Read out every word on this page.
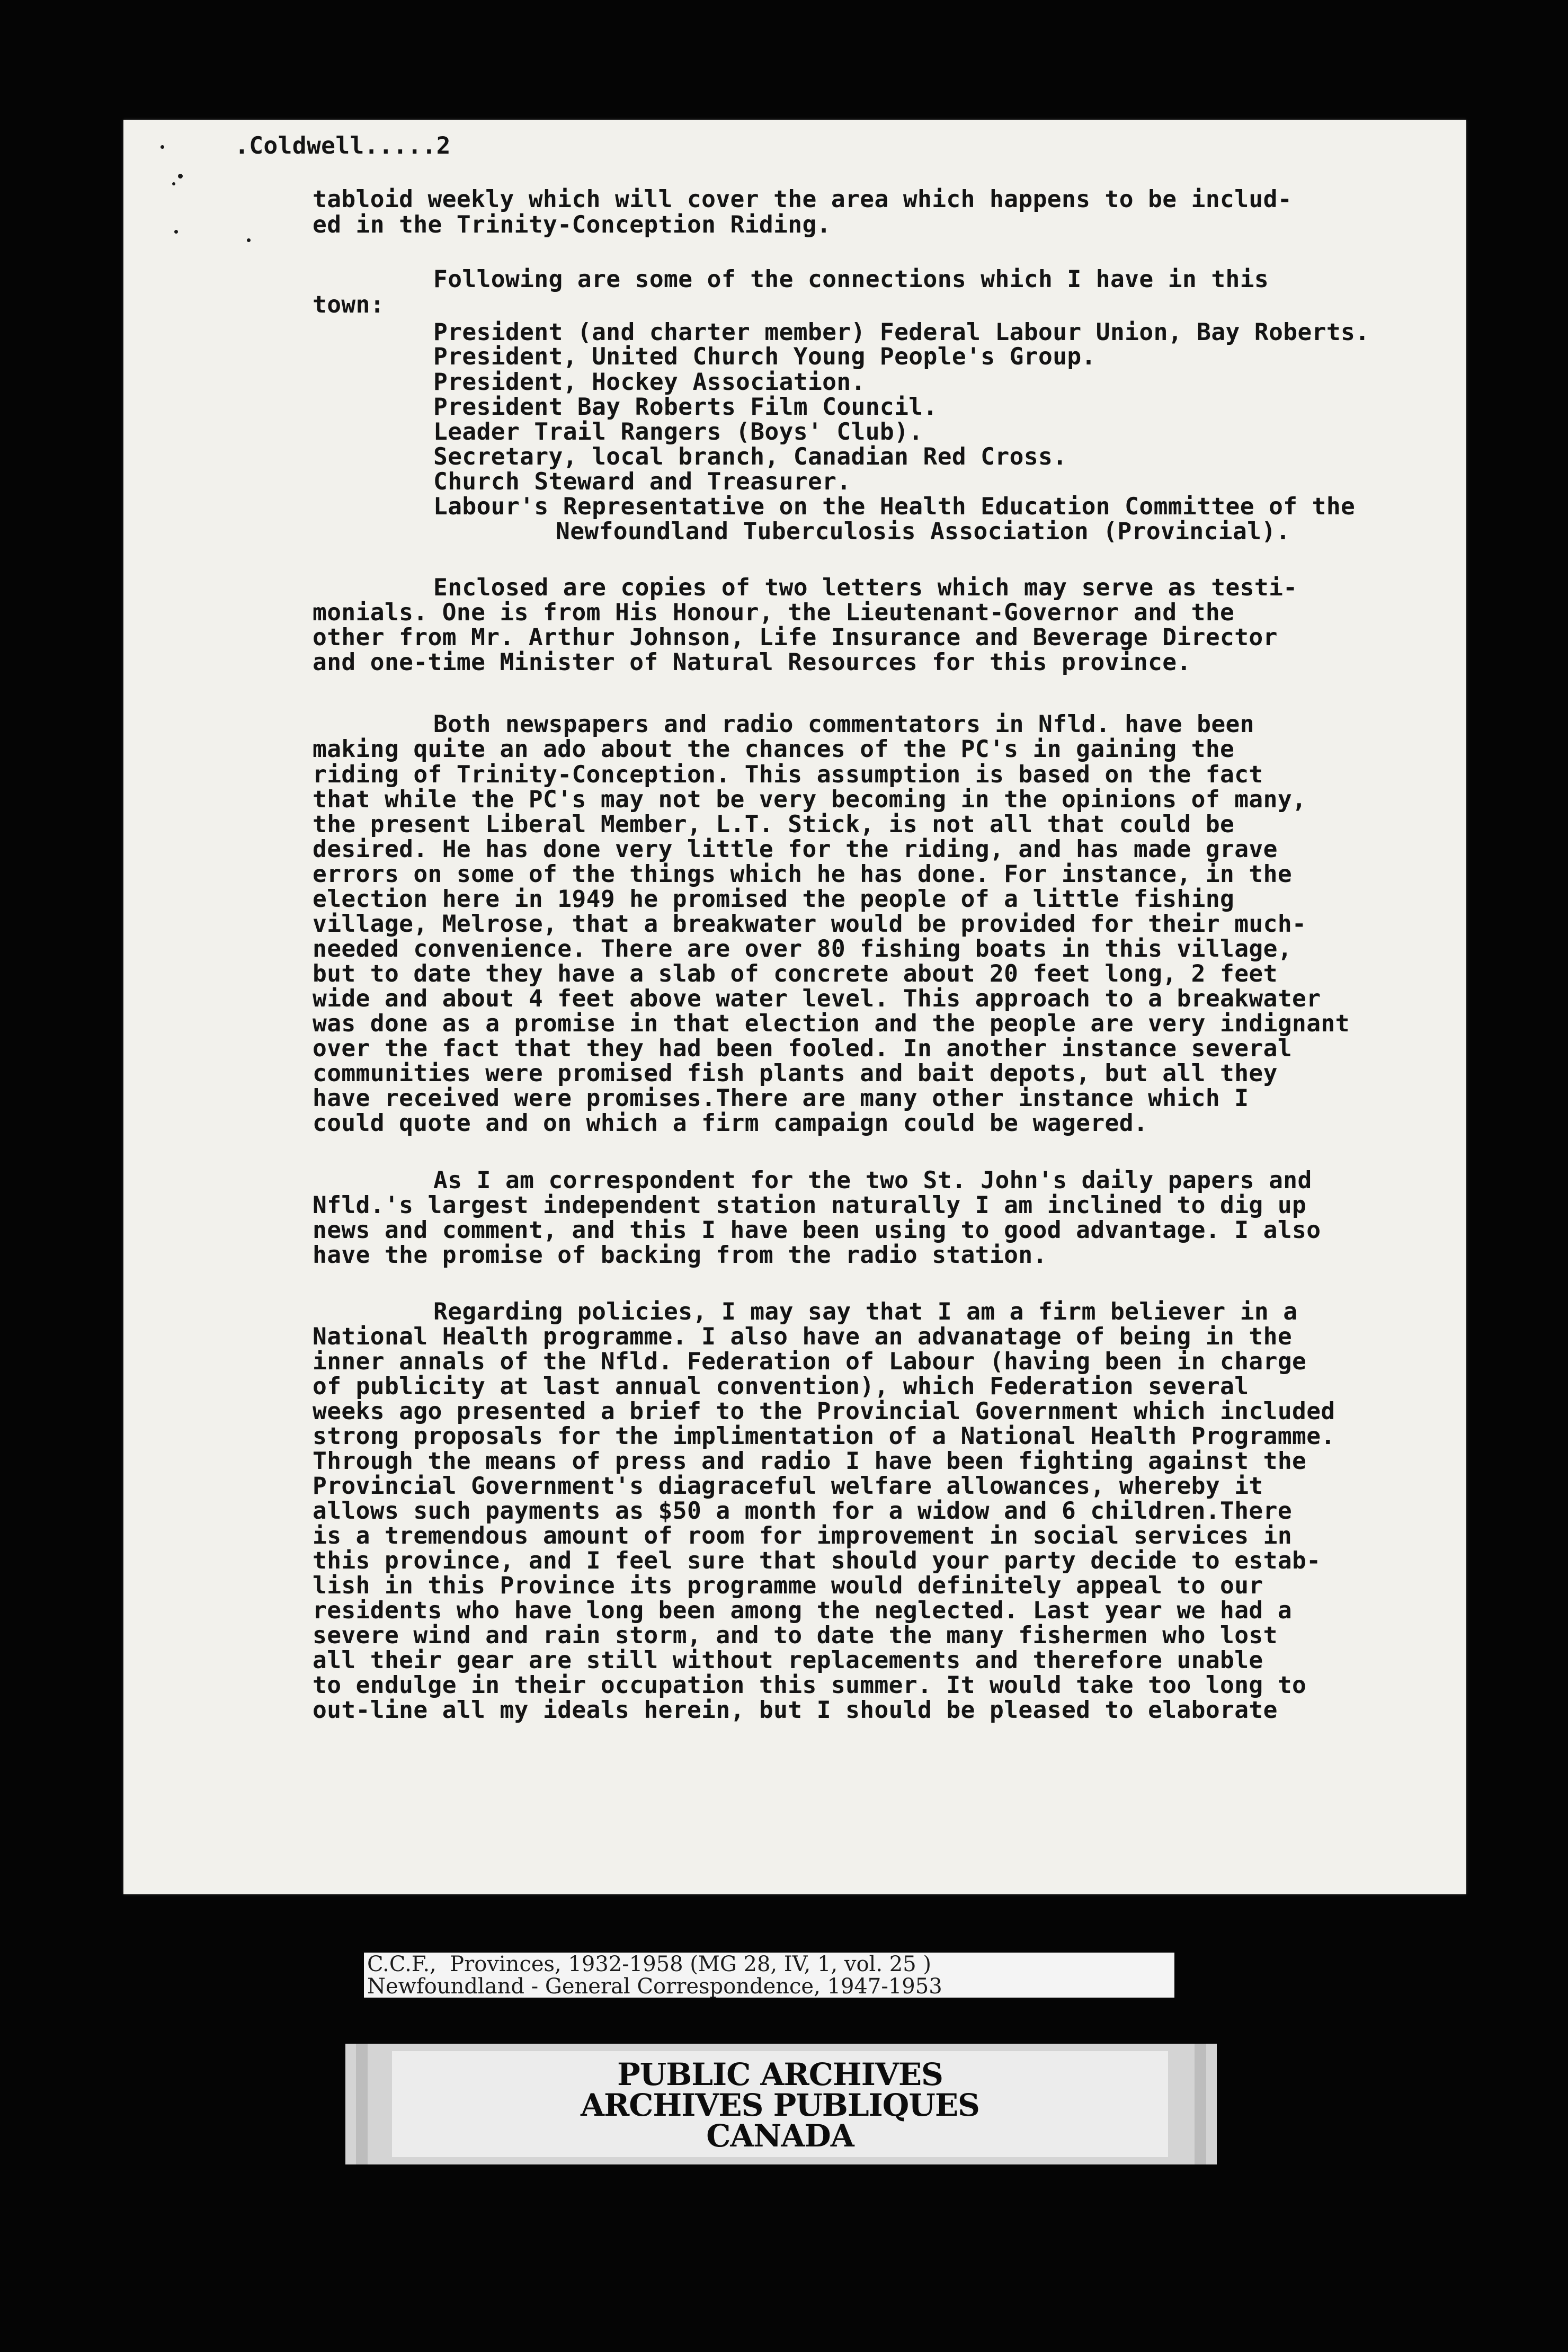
.Coldwell.....2
tabloid weekly which will cover the area which happens to be includ-
ed in the Trinity-Conception Riding.
Following are some of the connections which I have in this
town:
President (and charter member) Federal Labour Union, Bay Roberts.
President, United Church Young People's Group.
President, Hockey Association.
President Bay Roberts Film Council.
Leader Trail Rangers (Boys' Club).
Secretary, local branch, Canadian Red Cross.
Church Steward and Treasurer.
Labour's Representative on the Health Education Committee of the
Newfoundland Tuberculosis Association (Provincial).
Enclosed are copies of two letters which may serve as testi-
monials. One is from His Honour, the Lieutenant-Governor and the
other from Mr. Arthur Johnson, Life Insurance and Beverage Director
and one-time Minister of Natural Resources for this province.
Both newspapers and radio commentators in Nfld. have been
making quite an ado about the chances of the PC's in gaining the
riding of Trinity-Conception. This assumption is based on the fact
that while the PC's may not be very becoming in the opinions of many,
the present Liberal Member, L.T. Stick, is not all that could be
desired. He has done very little for the riding, and has made grave
errors on some of the things which he has done. For instance, in the
election here in 1949 he promised the people of a little fishing
village, Melrose, that a breakwater would be provided for their much-
needed convenience. There are over 80 fishing boats in this village,
but to date they have a slab of concrete about 20 feet long, 2 feet
wide and about 4 feet above water level. This approach to a breakwater
was done as a promise in that election and the people are very indignant
over the fact that they had been fooled. In another instance several
communities were promised fish plants and bait depots, but all they
have received were promises.There are many other instance which I
could quote and on which a firm campaign could be wagered.
As I am correspondent for the two St. John's daily papers and
Nfld.'s largest independent station naturally I am inclined to dig up
news and comment, and this I have been using to good advantage. I also
have the promise of backing from the radio station.
Regarding policies, I may say that I am a firm believer in a
National Health programme. I also have an advanatage of being in the
inner annals of the Nfld. Federation of Labour (having been in charge
of publicity at last annual convention), which Federation several
weeks ago presented a brief to the Provincial Government which included
strong proposals for the implimentation of a National Health Programme.
Through the means of press and radio I have been fighting against the
Provincial Government's diagraceful welfare allowances, whereby it
allows such payments as $50 a month for a widow and 6 children.There
is a tremendous amount of room for improvement in social services in
this province, and I feel sure that should your party decide to estab-
lish in this Province its programme would definitely appeal to our
residents who have long been among the neglected. Last year we had a
severe wind and rain storm, and to date the many fishermen who lost
all their gear are still without replacements and therefore unable
to endulge in their occupation this summer. It would take too long to
out-line all my ideals herein, but I should be pleased to elaborate
C.C.F.,  Provinces, 1932-1958 (MG 28, IV, 1, vol. 25 )
Newfoundland - General Correspondence, 1947-1953
PUBLIC ARCHIVES
ARCHIVES PUBLIQUES
CANADA
